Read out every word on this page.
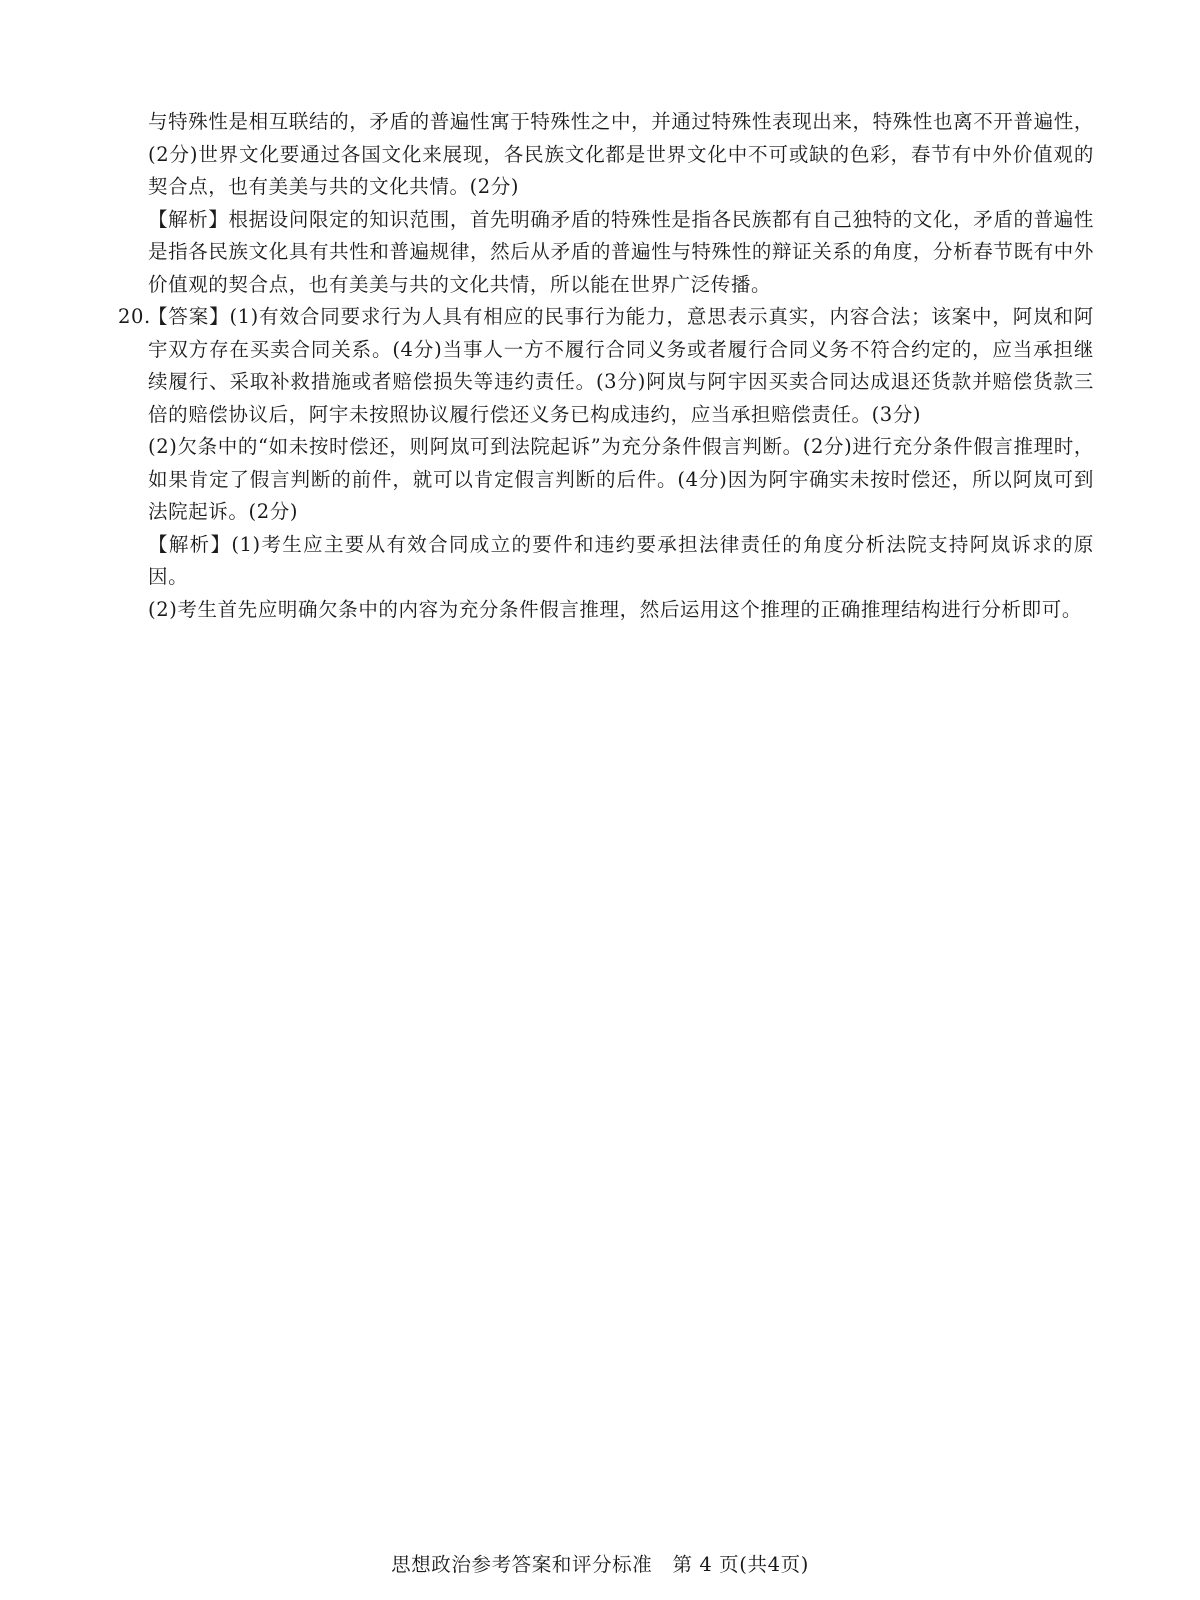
与特殊性是相互联结的，矛盾的普遍性寓于特殊性之中，并通过特殊性表现出来，特殊性也离不开普遍性，(2分)世界文化要通过各国文化来展现，各民族文化都是世界文化中不可或缺的色彩，春节有中外价值观的契合点，也有美美与共的文化共情。(2分)

【解析】根据设问限定的知识范围，首先明确矛盾的特殊性是指各民族都有自己独特的文化，矛盾的普遍性是指各民族文化具有共性和普遍规律，然后从矛盾的普遍性与特殊性的辩证关系的角度，分析春节既有中外价值观的契合点，也有美美与共的文化共情，所以能在世界广泛传播。

20.

【答案】(1)有效合同要求行为人具有相应的民事行为能力，意思表示真实，内容合法；该案中，阿岚和阿宇双方存在买卖合同关系。(4分)当事人一方不履行合同义务或者履行合同义务不符合约定的，应当承担继续履行、采取补救措施或者赔偿损失等违约责任。(3分)阿岚与阿宇因买卖合同达成退还货款并赔偿货款三倍的赔偿协议后，阿宇未按照协议履行偿还义务已构成违约，应当承担赔偿责任。(3分)

(2)欠条中的“如未按时偿还，则阿岚可到法院起诉”为充分条件假言判断。(2分)进行充分条件假言推理时，如果肯定了假言判断的前件，就可以肯定假言判断的后件。(4分)因为阿宇确实未按时偿还，所以阿岚可到法院起诉。(2分)

【解析】(1)考生应主要从有效合同成立的要件和违约要承担法律责任的角度分析法院支持阿岚诉求的原因。

(2)考生首先应明确欠条中的内容为充分条件假言推理，然后运用这个推理的正确推理结构进行分析即可。

思想政治参考答案和评分标准　第 4 页(共4页)
